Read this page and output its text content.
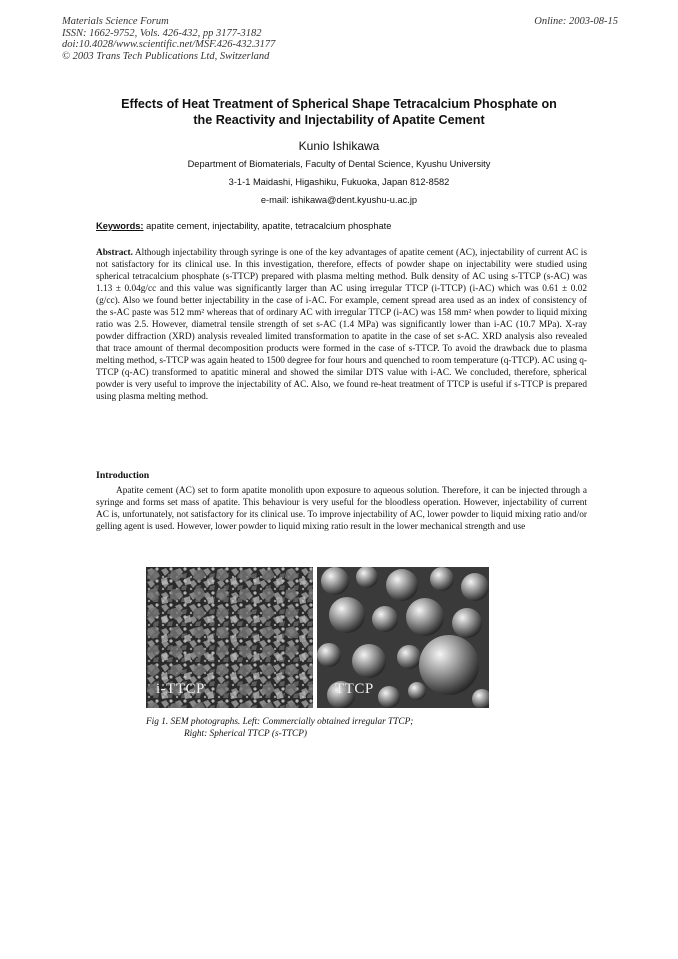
Materials Science Forum
ISSN: 1662-9752, Vols. 426-432, pp 3177-3182
doi:10.4028/www.scientific.net/MSF.426-432.3177
© 2003 Trans Tech Publications Ltd, Switzerland
Online: 2003-08-15
Effects of Heat Treatment of Spherical Shape Tetracalcium Phosphate on
the Reactivity and Injectability of Apatite Cement
Kunio Ishikawa
Department of Biomaterials, Faculty of Dental Science, Kyushu University
3-1-1 Maidashi, Higashiku, Fukuoka, Japan 812-8582
e-mail: ishikawa@dent.kyushu-u.ac.jp
Keywords: apatite cement, injectability, apatite, tetracalcium phosphate
Abstract. Although injectability through syringe is one of the key advantages of apatite cement (AC), injectability of current AC is not satisfactory for its clinical use. In this investigation, therefore, effects of powder shape on injectability were studied using spherical tetracalcium phosphate (s-TTCP) prepared with plasma melting method. Bulk density of AC using s-TTCP (s-AC) was 1.13 ± 0.04g/cc and this value was significantly larger than AC using irregular TTCP (i-TTCP) (i-AC) which was 0.61 ± 0.02 (g/cc). Also we found better injectability in the case of i-AC. For example, cement spread area used as an index of consistency of the s-AC paste was 512 mm² whereas that of ordinary AC with irregular TTCP (i-AC) was 158 mm² when powder to liquid mixing ratio was 2.5. However, diametral tensile strength of set s-AC (1.4 MPa) was significantly lower than i-AC (10.7 MPa). X-ray powder diffraction (XRD) analysis revealed limited transformation to apatite in the case of set s-AC. XRD analysis also revealed that trace amount of thermal decomposition products were formed in the case of s-TTCP. To avoid the drawback due to plasma melting method, s-TTCP was again heated to 1500 degree for four hours and quenched to room temperature (q-TTCP). AC using q-TTCP (q-AC) transformed to apatitic mineral and showed the similar DTS value with i-AC. We concluded, therefore, spherical powder is very useful to improve the injectability of AC. Also, we found re-heat treatment of TTCP is useful if s-TTCP is prepared using plasma melting method.
Introduction
Apatite cement (AC) set to form apatite monolith upon exposure to aqueous solution. Therefore, it can be injected through a syringe and forms set mass of apatite. This behaviour is very useful for the bloodless operation. However, injectability of current AC is, unfortunately, not satisfactory for its clinical use. To improve injectability of AC, lower powder to liquid mixing ratio and/or gelling agent is used. However, lower powder to liquid mixing ratio result in the lower mechanical strength and use
i-TTCP	TTCP
Fig 1. SEM photographs. Left: Commercially obtained irregular TTCP;
Right: Spherical TTCP (s-TTCP)
